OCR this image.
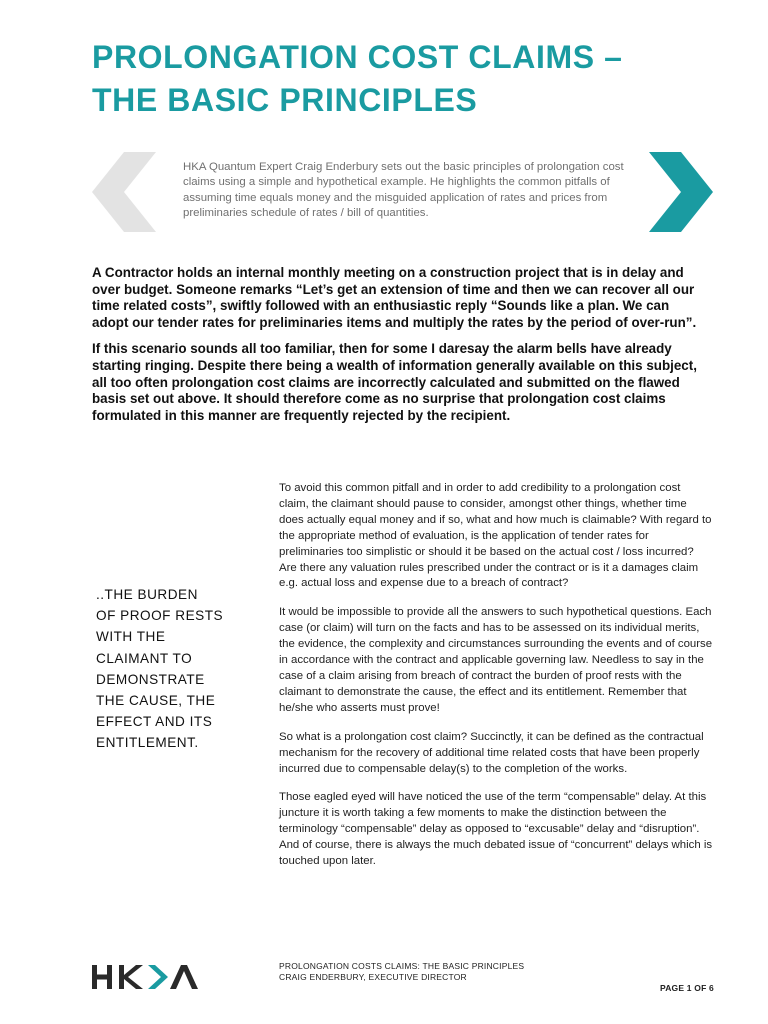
PROLONGATION COST CLAIMS –
THE BASIC PRINCIPLES

HKA Quantum Expert Craig Enderbury sets out the basic principles of prolongation cost claims using a simple and hypothetical example. He highlights the common pitfalls of assuming time equals money and the misguided application of rates and prices from preliminaries schedule of rates / bill of quantities.

A Contractor holds an internal monthly meeting on a construction project that is in delay and over budget. Someone remarks “Let’s get an extension of time and then we can recover all our time related costs”, swiftly followed with an enthusiastic reply “Sounds like a plan. We can adopt our tender rates for preliminaries items and multiply the rates by the period of over-run”.

If this scenario sounds all too familiar, then for some I daresay the alarm bells have already starting ringing. Despite there being a wealth of information generally available on this subject, all too often prolongation cost claims are incorrectly calculated and submitted on the flawed basis set out above. It should therefore come as no surprise that prolongation cost claims formulated in this manner are frequently rejected by the recipient.

..THE BURDEN
OF PROOF RESTS
WITH THE
CLAIMANT TO
DEMONSTRATE
THE CAUSE, THE
EFFECT AND ITS
ENTITLEMENT.

To avoid this common pitfall and in order to add credibility to a prolongation cost claim, the claimant should pause to consider, amongst other things, whether time does actually equal money and if so, what and how much is claimable? With regard to the appropriate method of evaluation, is the application of tender rates for preliminaries too simplistic or should it be based on the actual cost / loss incurred? Are there any valuation rules prescribed under the contract or is it a damages claim e.g. actual loss and expense due to a breach of contract?

It would be impossible to provide all the answers to such hypothetical questions. Each case (or claim) will turn on the facts and has to be assessed on its individual merits, the evidence, the complexity and circumstances surrounding the events and of course in accordance with the contract and applicable governing law. Needless to say in the case of a claim arising from breach of contract the burden of proof rests with the claimant to demonstrate the cause, the effect and its entitlement. Remember that he/she who asserts must prove!

So what is a prolongation cost claim? Succinctly, it can be defined as the contractual mechanism for the recovery of additional time related costs that have been properly incurred due to compensable delay(s) to the completion of the works.

Those eagled eyed will have noticed the use of the term “compensable” delay. At this juncture it is worth taking a few moments to make the distinction between the terminology “compensable” delay as opposed to “excusable” delay and “disruption”. And of course, there is always the much debated issue of “concurrent” delays which is touched upon later.

PROLONGATION COSTS CLAIMS: THE BASIC PRINCIPLES
CRAIG ENDERBURY, EXECUTIVE DIRECTOR
PAGE 1 OF 6
